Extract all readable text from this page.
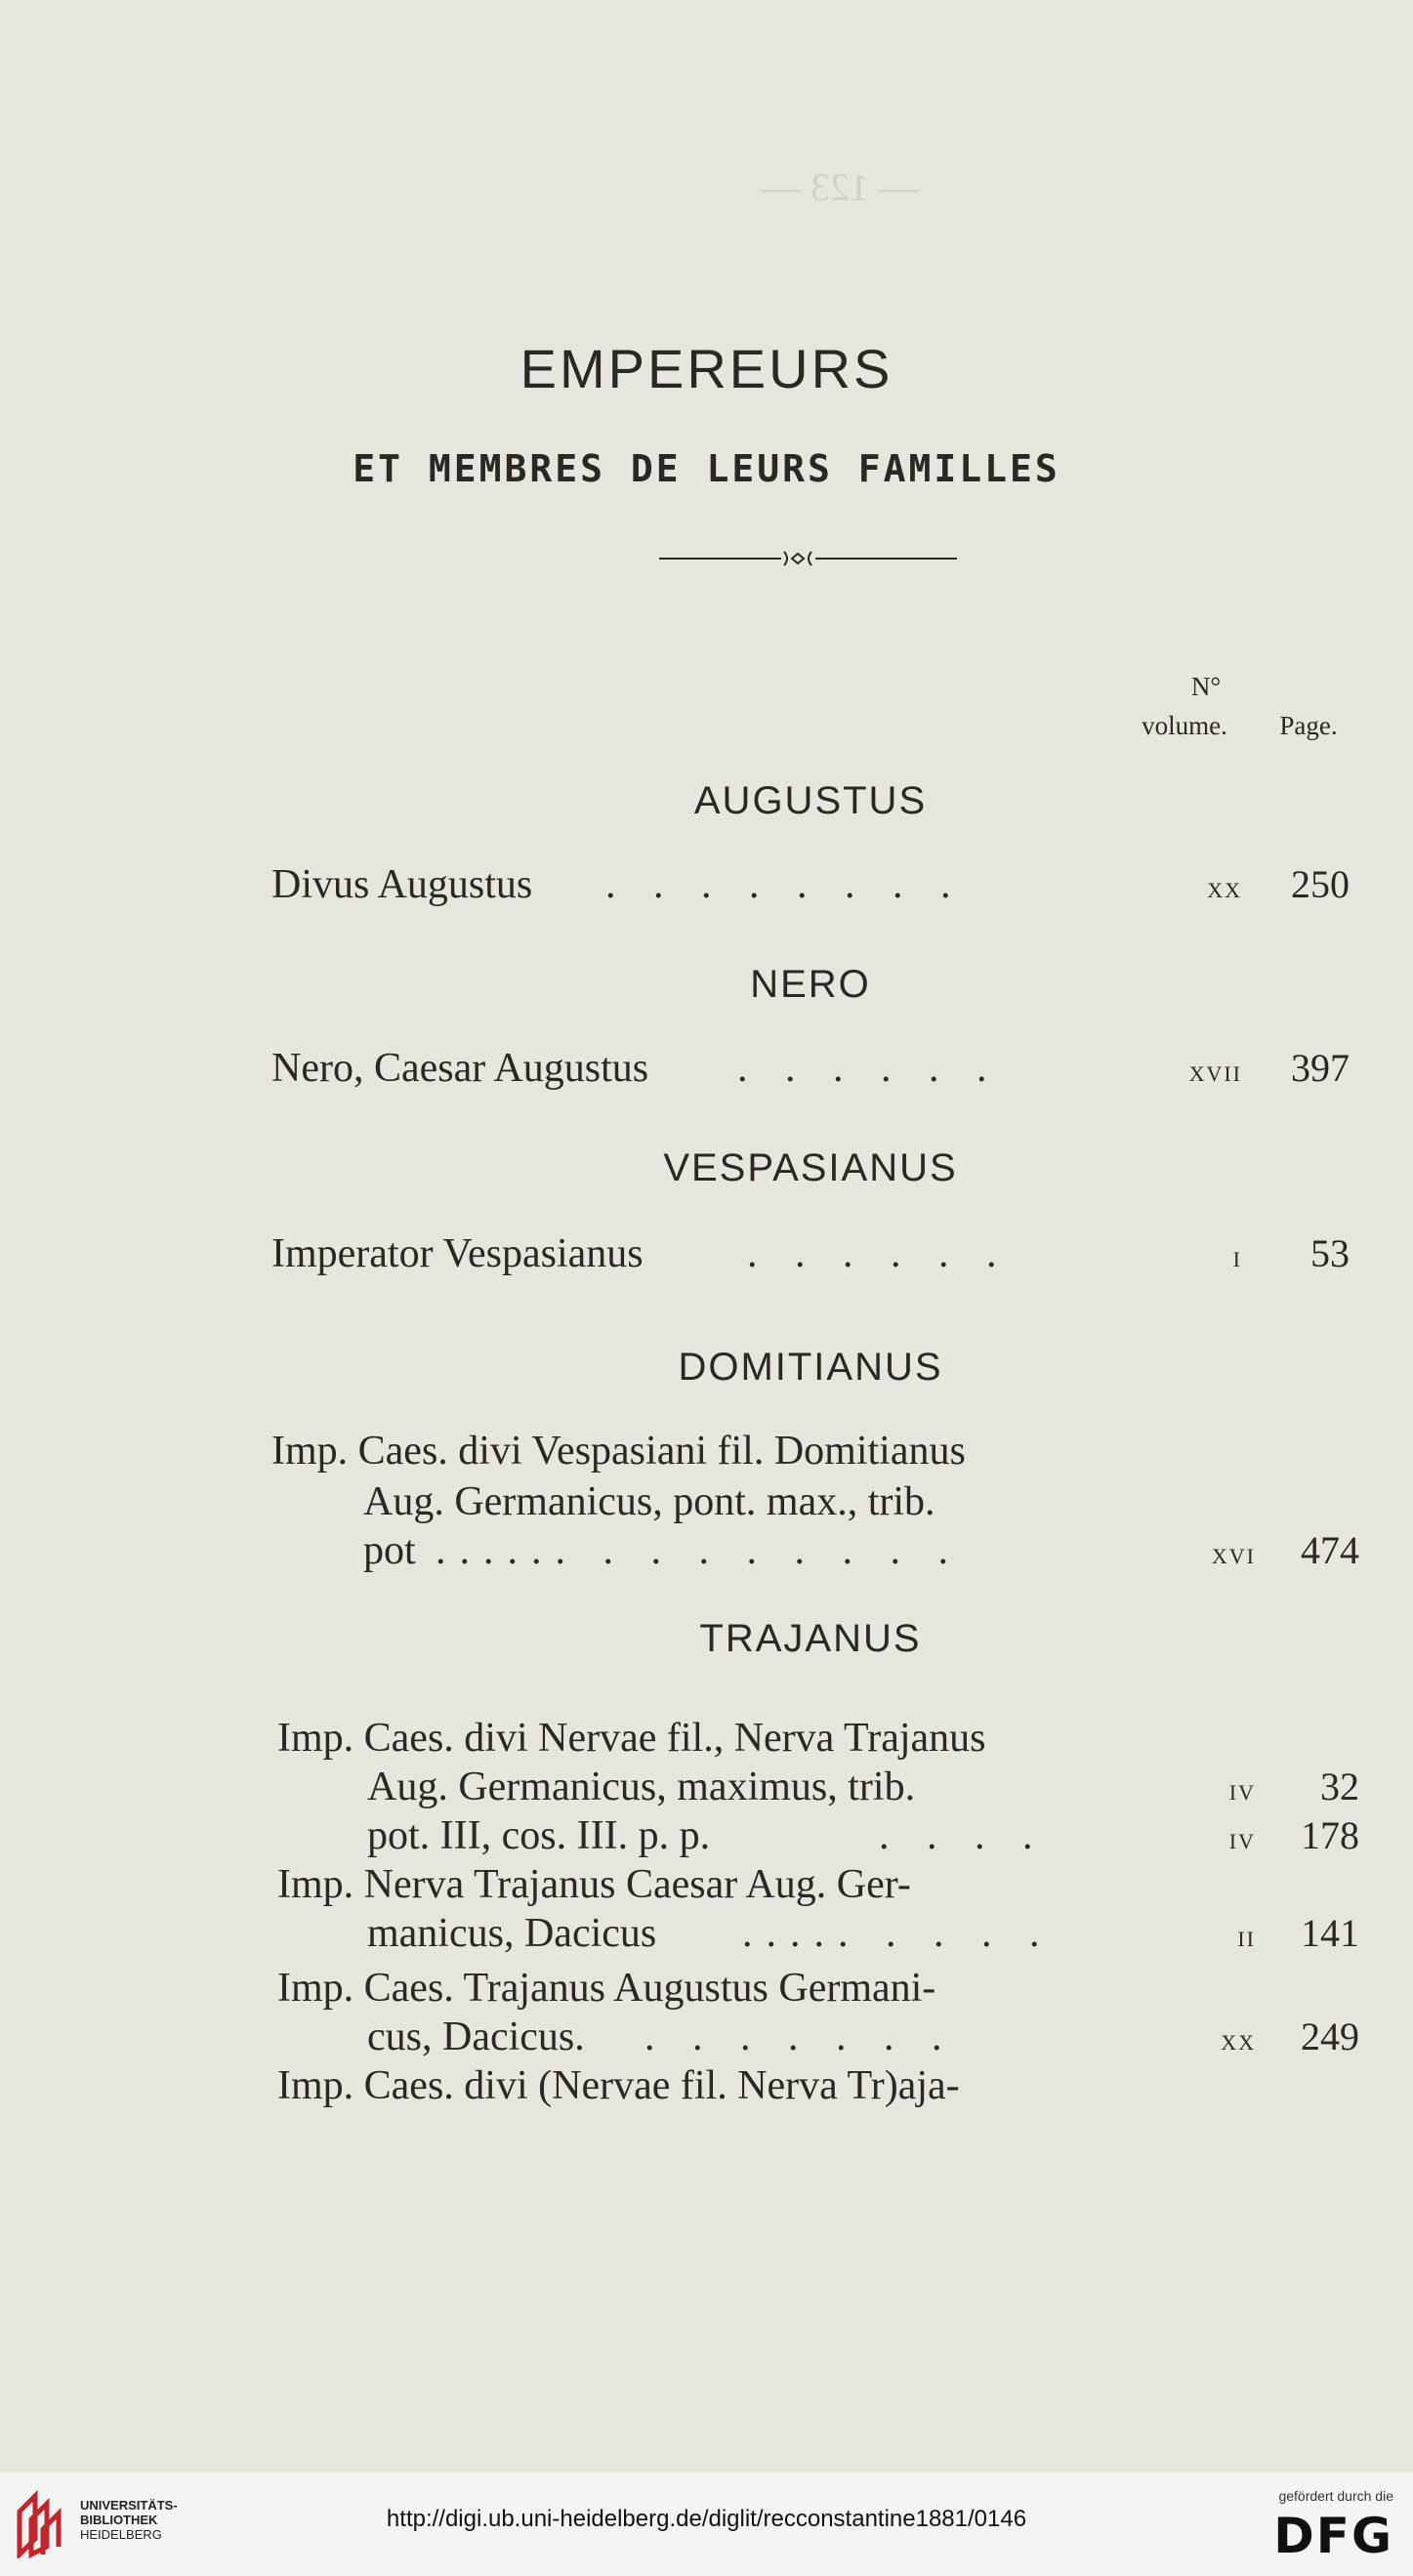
— 123 —
EMPEREURS
ET MEMBRES DE LEURS FAMILLES
N°
volume.	Page.
AUGUSTUS
Divus Augustus . . . . . . . .	xx	250
NERO
Nero, Caesar Augustus . . . . . .	xvii	397
VESPASIANUS
Imperator Vespasianus	. . . . . .	i	53
DOMITIANUS
Imp. Caes. divi Vespasiani fil. Domitianus
Aug. Germanicus, pont. max., trib.
pot ...... . . . . . . . .	xvi	474
TRAJANUS
Imp. Caes. divi Nervae fil., Nerva Trajanus
Aug. Germanicus, maximus, trib.	iv	32
pot. III, cos. III. p. p.	. . . .	iv	178
Imp. Nerva Trajanus Caesar Aug. Ger-
manicus, Dacicus ..... . . . .	ii	141
Imp. Caes. Trajanus Augustus Germani-
cus, Dacicus. . . . . . . .	xx	249
Imp. Caes. divi (Nervae fil. Nerva Tr)aja-
UNIVERSITÄTS-
BIBLIOTHEK
HEIDELBERG
http://digi.ub.uni-heidelberg.de/diglit/recconstantine1881/0146
gefördert durch die
DFG
